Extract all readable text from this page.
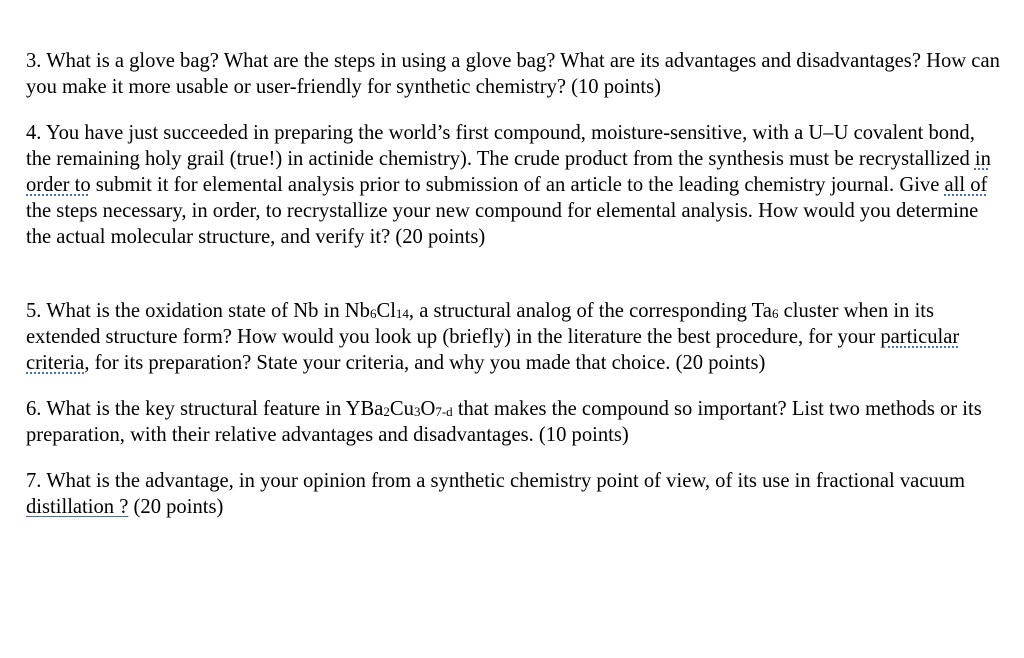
3. What is a glove bag? What are the steps in using a glove bag? What are its advantages and disadvantages? How can you make it more usable or user-friendly for synthetic chemistry? (10 points)

4. You have just succeeded in preparing the world’s first compound, moisture-sensitive, with a U–U covalent bond, the remaining holy grail (true!) in actinide chemistry). The crude product from the synthesis must be recrystallized in order to submit it for elemental analysis prior to submission of an article to the leading chemistry journal. Give all of the steps necessary, in order, to recrystallize your new compound for elemental analysis. How would you determine the actual molecular structure, and verify it? (20 points)

5. What is the oxidation state of Nb in $Nb_6Cl_{14}$, a structural analog of the corresponding $Ta_6$ cluster when in its extended structure form? How would you look up (briefly) in the literature the best procedure, for your particular criteria, for its preparation? State your criteria, and why you made that choice. (20 points)

6. What is the key structural feature in $YBa_2Cu_3O_{7-d}$ that makes the compound so important? List two methods or its preparation, with their relative advantages and disadvantages. (10 points)

7. What is the advantage, in your opinion from a synthetic chemistry point of view, of its use in fractional vacuum distillation ? (20 points)
